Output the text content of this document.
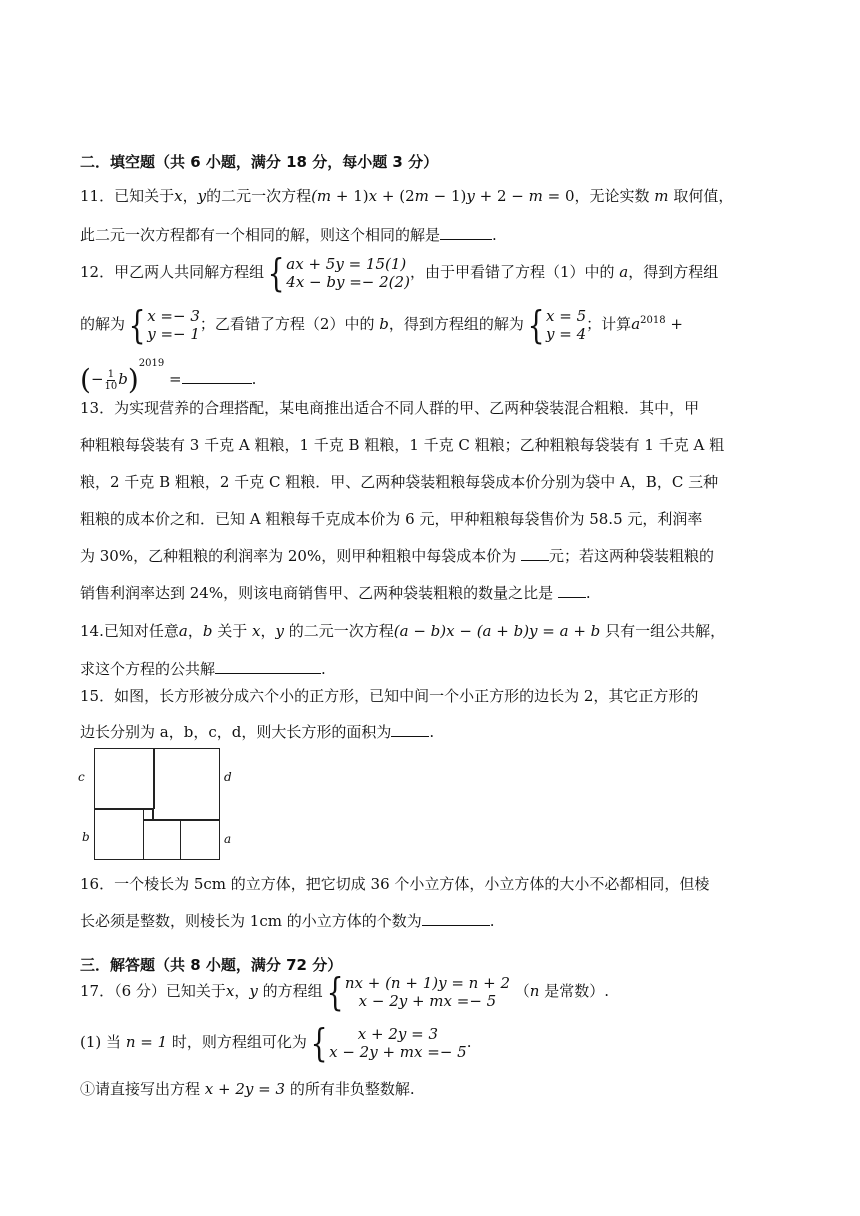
二．填空题（共 6 小题，满分 18 分，每小题 3 分）
11．已知关于x，y的二元一次方程(m + 1)x + (2m − 1)y + 2 − m = 0，无论实数 m 取何值，
此二元一次方程都有一个相同的解，则这个相同的解是	.
12．甲乙两人共同解方程组 { ax + 5y = 15(1)
4x − by =− 2(2)
，由于甲看错了方程（1）中的 a，得到方程组
的解为 { x =− 3
y =− 1
；乙看错了方程（2）中的 b，得到方程组的解为 { x = 5
y = 4
；计算$a^{2018}$ +
(− $\frac{1}{10} b)^{2019}$ =	.
13．为实现营养的合理搭配，某电商推出适合不同人群的甲、乙两种袋装混合粗粮．其中，甲
种粗粮每袋装有 3 千克 A 粗粮，1 千克 B 粗粮，1 千克 C 粗粮；乙种粗粮每袋装有 1 千克 A 粗
粮，2 千克 B 粗粮，2 千克 C 粗粮．甲、乙两种袋装粗粮每袋成本价分别为袋中 A，B，C 三种
粗粮的成本价之和．已知 A 粗粮每千克成本价为 6 元，甲种粗粮每袋售价为 58.5 元，利润率
为 30%，乙种粗粮的利润率为 20%，则甲种粗粮中每袋成本价为 元；若这两种袋装粗粮的
销售利润率达到 24%，则该电商销售甲、乙两种袋装粗粮的数量之比是 .
14.已知对任意a，b 关于 x，y 的二元一次方程(a − b)x − (a + b)y = a + b 只有一组公共解，
求这个方程的公共解	.
15．如图，长方形被分成六个小的正方形，已知中间一个小正方形的边长为 2，其它正方形的
边长分别为 a，b，c，d，则大长方形的面积为	.
c	d
b	a
16．一个棱长为 5cm 的立方体，把它切成 36 个小立方体，小立方体的大小不必都相同，但棱
长必须是整数，则棱长为 1cm 的小立方体的个数为	.
三．解答题（共 8 小题，满分 72 分）
17．（6 分）已知关于x，y 的方程组 { nx + (n + 1)y = n + 2
x − 2y + mx =− 5
（n 是常数）.
(1) 当 n = 1 时，则方程组可化为 { x + 2y = 3
x − 2y + mx =− 5
.
①请直接写出方程 x + 2y = 3 的所有非负整数解.
